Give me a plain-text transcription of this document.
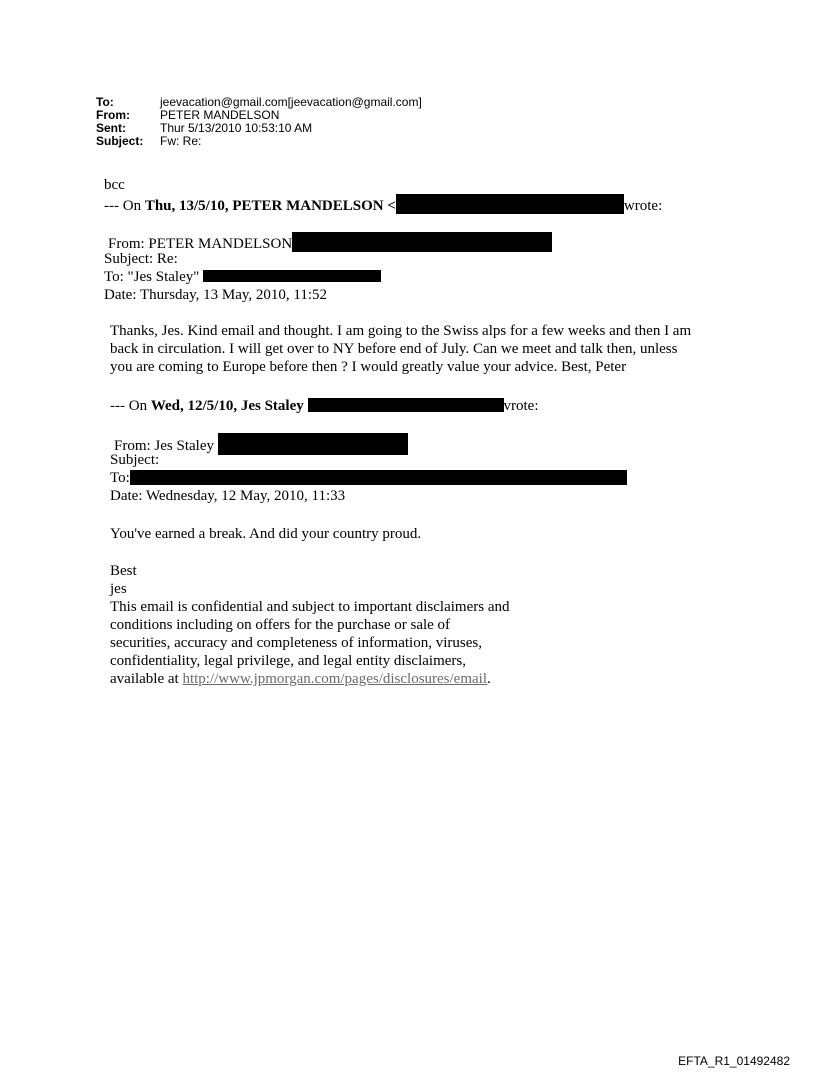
To:	jeevacation@gmail.com[jeevacation@gmail.com]
From:	PETER MANDELSON
Sent:	Thur 5/13/2010 10:53:10 AM
Subject:	Fw: Re:
bcc
--- On Thu, 13/5/10, PETER MANDELSON <	wrote:
From: PETER MANDELSON
Subject: Re:
To: "Jes Staley"
Date: Thursday, 13 May, 2010, 11:52
Thanks, Jes. Kind email and thought. I am going to the Swiss alps for a few weeks and then I am
back in circulation. I will get over to NY before end of July. Can we meet and talk then, unless
you are coming to Europe before then ? I would greatly value your advice. Best, Peter
--- On Wed, 12/5/10, Jes Staley	vrote:
From: Jes Staley
Subject:
To:
Date: Wednesday, 12 May, 2010, 11:33
You've earned a break. And did your country proud.
Best
jes
This email is confidential and subject to important disclaimers and
conditions including on offers for the purchase or sale of
securities, accuracy and completeness of information, viruses,
confidentiality, legal privilege, and legal entity disclaimers,
available at http://www.jpmorgan.com/pages/disclosures/email.
EFTA_R1_01492482
